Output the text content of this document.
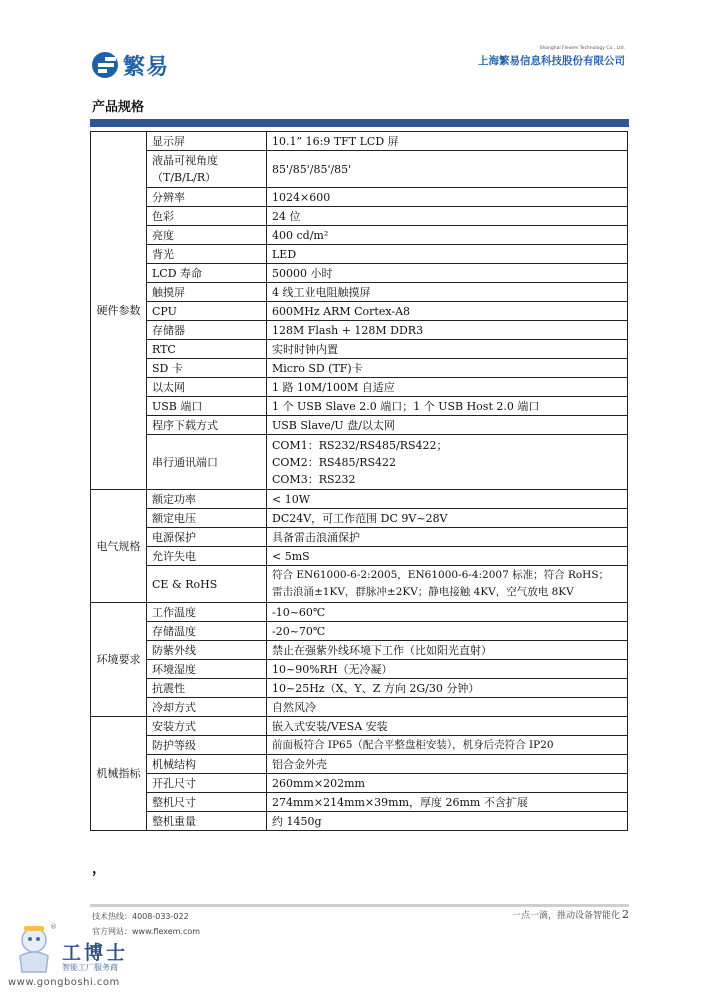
繁易
Shanghai Flexem Technology Co., Ltd.
上海繁易信息科技股份有限公司
产品规格
硬件参数	显示屏	10.1” 16:9 TFT LCD 屏
	液晶可视角度（T/B/L/R）	85'/85'/85'/85'
	分辨率	1024×600
	色彩	24 位
	亮度	400 cd/m²
	背光	LED
	LCD 寿命	50000 小时
	触摸屏	4 线工业电阻触摸屏
	CPU	600MHz ARM Cortex-A8
	存储器	128M Flash + 128M DDR3
	RTC	实时时钟内置
	SD 卡	Micro SD (TF)卡
	以太网	1 路 10M/100M 自适应
	USB 端口	1 个 USB Slave 2.0 端口；1 个 USB Host 2.0 端口
	程序下载方式	USB Slave/U 盘/以太网
	串行通讯端口	COM1：RS232/RS485/RS422；
COM2：RS485/RS422
COM3：RS232

电气规格	额定功率	< 10W
	额定电压	DC24V，可工作范围 DC 9V~28V
	电源保护	具备雷击浪涌保护
	允许失电	< 5mS
	CE & RoHS	符合 EN61000-6-2:2005，EN61000-6-4:2007 标准；符合 RoHS；
雷击浪涌±1KV，群脉冲±2KV；静电接触 4KV，空气放电 8KV

环境要求	工作温度	-10~60℃
	存储温度	-20~70℃
	防紫外线	禁止在强紫外线环境下工作（比如阳光直射）
	环境湿度	10~90%RH（无冷凝）
	抗震性	10~25Hz（X、Y、Z 方向 2G/30 分钟）
	冷却方式	自然风冷
机械指标	安装方式	嵌入式安装/VESA 安装
	防护等级	前面板符合 IP65（配合平整盘柜安装），机身后壳符合 IP20
	机械结构	铝合金外壳
	开孔尺寸	260mm×202mm
	整机尺寸	274mm×214mm×39mm，厚度 26mm 不含扩展
	整机重量	约 1450g
，
技术热线：4008-033-022
官方网站：www.flexem.com
一点一滴，推动设备智能化 2
®
工博士
智能工厂服务商
www.gongboshi.com
